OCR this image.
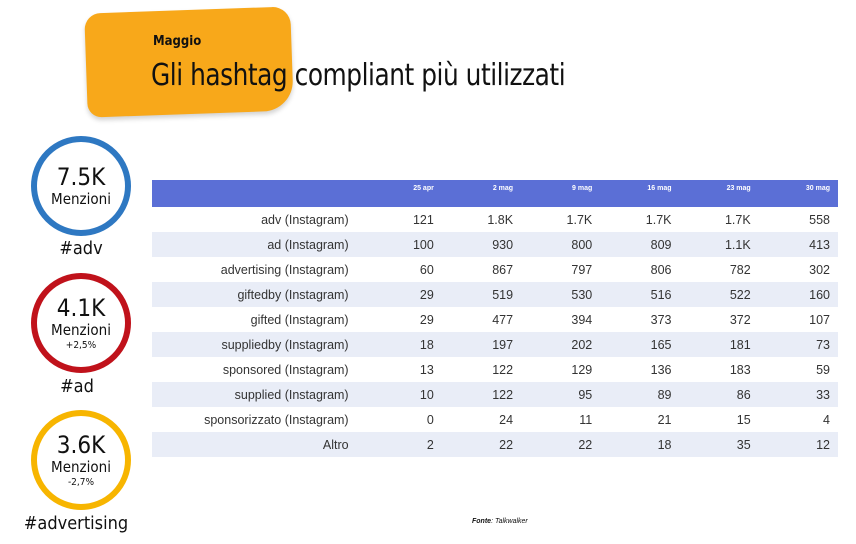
Maggio
Gli hashtag compliant più utilizzati
7.5K
Menzioni
#adv
4.1K
Menzioni
+2,5%
#ad
3.6K
Menzioni
-2,7%
#advertising
	25 apr	2 mag	9 mag	16 mag	23 mag	30 mag
adv (Instagram)	121	1.8K	1.7K	1.7K	1.7K	558
ad (Instagram)	100	930	800	809	1.1K	413
advertising (Instagram)	60	867	797	806	782	302
giftedby (Instagram)	29	519	530	516	522	160
gifted (Instagram)	29	477	394	373	372	107
suppliedby (Instagram)	18	197	202	165	181	73
sponsored (Instagram)	13	122	129	136	183	59
supplied (Instagram)	10	122	95	89	86	33
sponsorizzato (Instagram)	0	24	11	21	15	4
Altro	2	22	22	18	35	12
Fonte: Talkwalker
